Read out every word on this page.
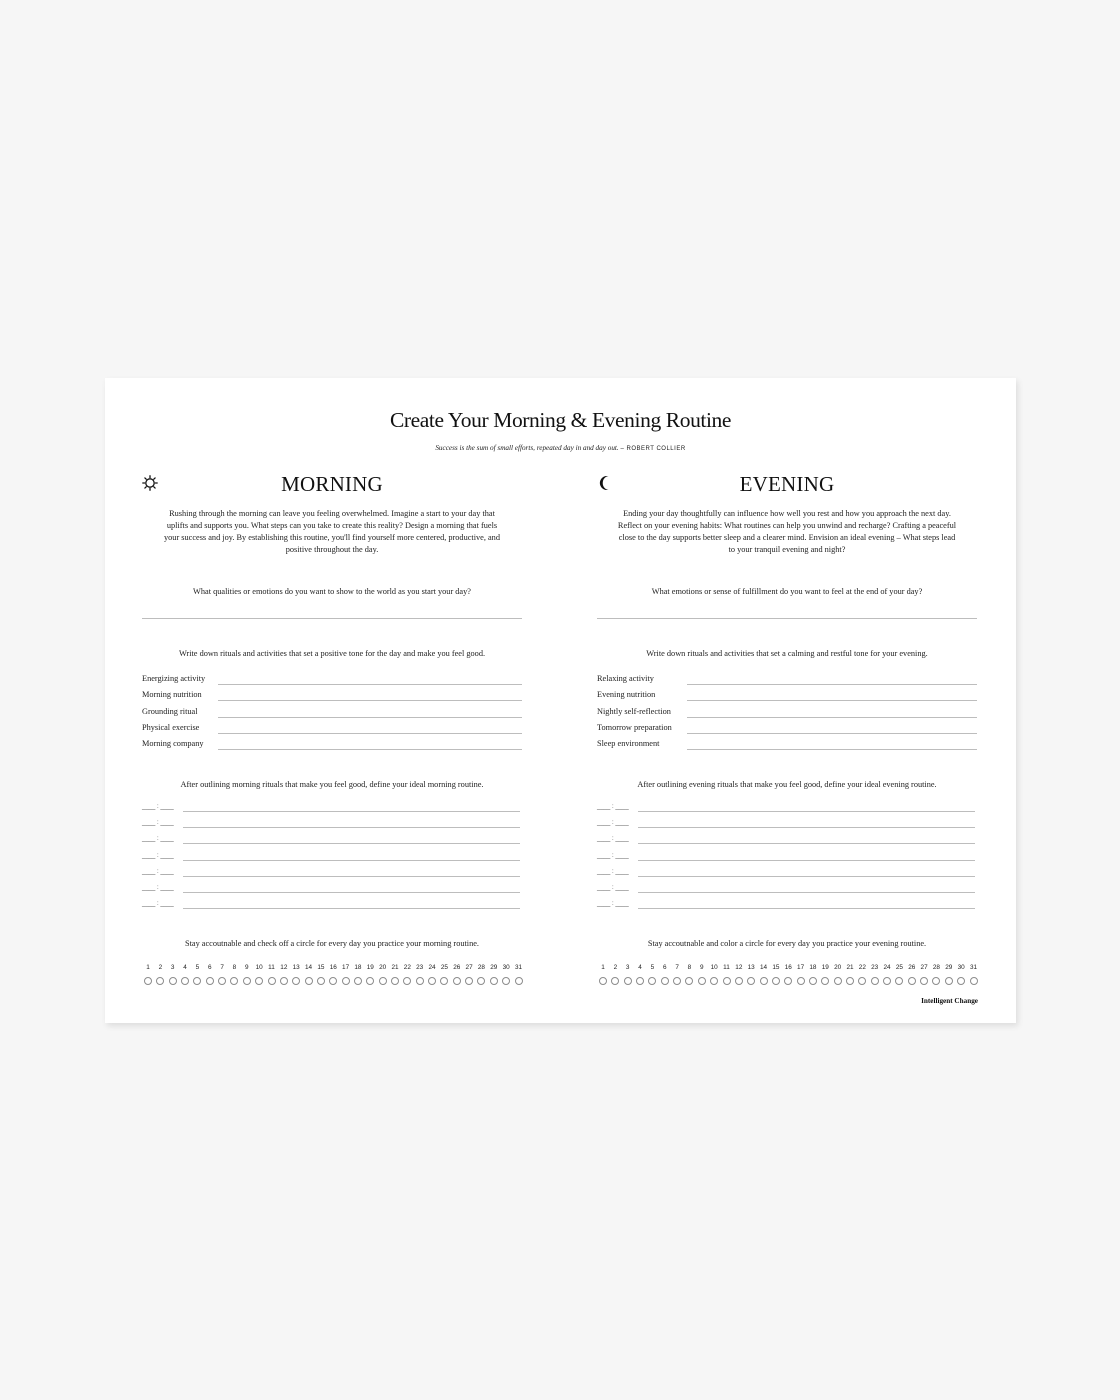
Create Your Morning & Evening Routine
Success is the sum of small efforts, repeated day in and day out. – ROBERT COLLIER
MORNING
Rushing through the morning can leave you feeling overwhelmed. Imagine a start to your day that uplifts and supports you. What steps can you take to create this reality? Design a morning that fuels your success and joy. By establishing this routine, you'll find yourself more centered, productive, and positive throughout the day.
What qualities or emotions do you want to show to the world as you start your day?
Write down rituals and activities that set a positive tone for the day and make you feel good.
Energizing activity
Morning nutrition
Grounding ritual
Physical exercise
Morning company
After outlining morning rituals that make you feel good, define your ideal morning routine.
____ : ____
____ : ____
____ : ____
____ : ____
____ : ____
____ : ____
____ : ____
Stay accoutnable and check off a circle for every day you practice your morning routine.
1	2	3	4	5	6	7	8	9	10 11 12 13 14 15 16 17 18 19 20 21 22 23 24 25 26 27 28 29 30 31
EVENING
Ending your day thoughtfully can influence how well you rest and how you approach the next day. Reflect on your evening habits: What routines can help you unwind and recharge? Crafting a peaceful close to the day supports better sleep and a clearer mind. Envision an ideal evening – What steps lead to your tranquil evening and night?
What emotions or sense of fulfillment do you want to feel at the end of your day?
Write down rituals and activities that set a calming and restful tone for your evening.
Relaxing activity
Evening nutrition
Nightly self-reflection
Tomorrow preparation
Sleep environment
After outlining evening rituals that make you feel good, define your ideal evening routine.
____ : ____
____ : ____
____ : ____
____ : ____
____ : ____
____ : ____
____ : ____
Stay accoutnable and color a circle for every day you practice your evening routine.
1	2	3	4	5	6	7	8	9	10 11 12 13 14 15 16 17 18 19 20 21 22 23 24 25 26 27 28 29 30 31
Intelligent Change
